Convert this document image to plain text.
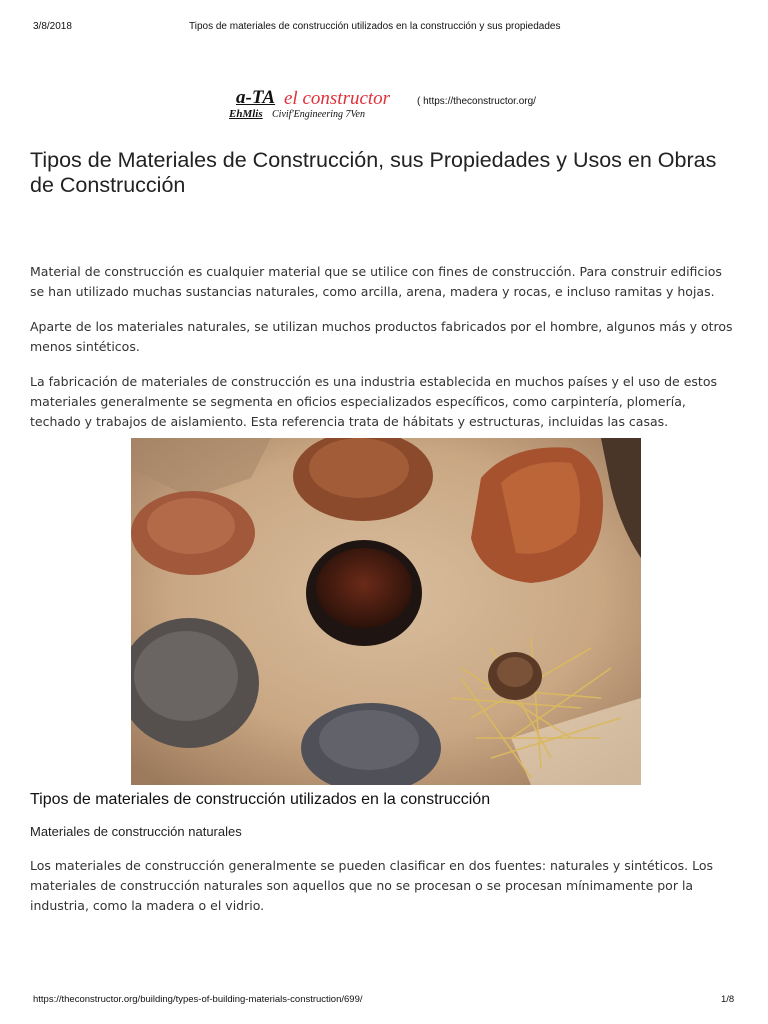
3/8/2018	Tipos de materiales de construcción utilizados en la construcción y sus propiedades
a-TA el constructor
EhMlis Civif'Engineering 7Ven
( https://theconstructor.org/
Tipos de Materiales de Construcción, sus Propiedades y Usos en Obras de Construcción

Material de construcción es cualquier material que se utilice con fines de construcción. Para construir edificios se han utilizado muchas sustancias naturales, como arcilla, arena, madera y rocas, e incluso ramitas y hojas.

Aparte de los materiales naturales, se utilizan muchos productos fabricados por el hombre, algunos más y otros menos sintéticos.

La fabricación de materiales de construcción es una industria establecida en muchos países y el uso de estos materiales generalmente se segmenta en oficios especializados específicos, como carpintería, plomería, techado y trabajos de aislamiento. Esta referencia trata de hábitats y estructuras, incluidas las casas.

Tipos de materiales de construcción utilizados en la construcción
Materiales de construcción naturales

Los materiales de construcción generalmente se pueden clasificar en dos fuentes: naturales y sintéticos. Los materiales de construcción naturales son aquellos que no se procesan o se procesan mínimamente por la industria, como la madera o el vidrio.

https://theconstructor.org/building/types-of-building-materials-construction/699/	1/8
